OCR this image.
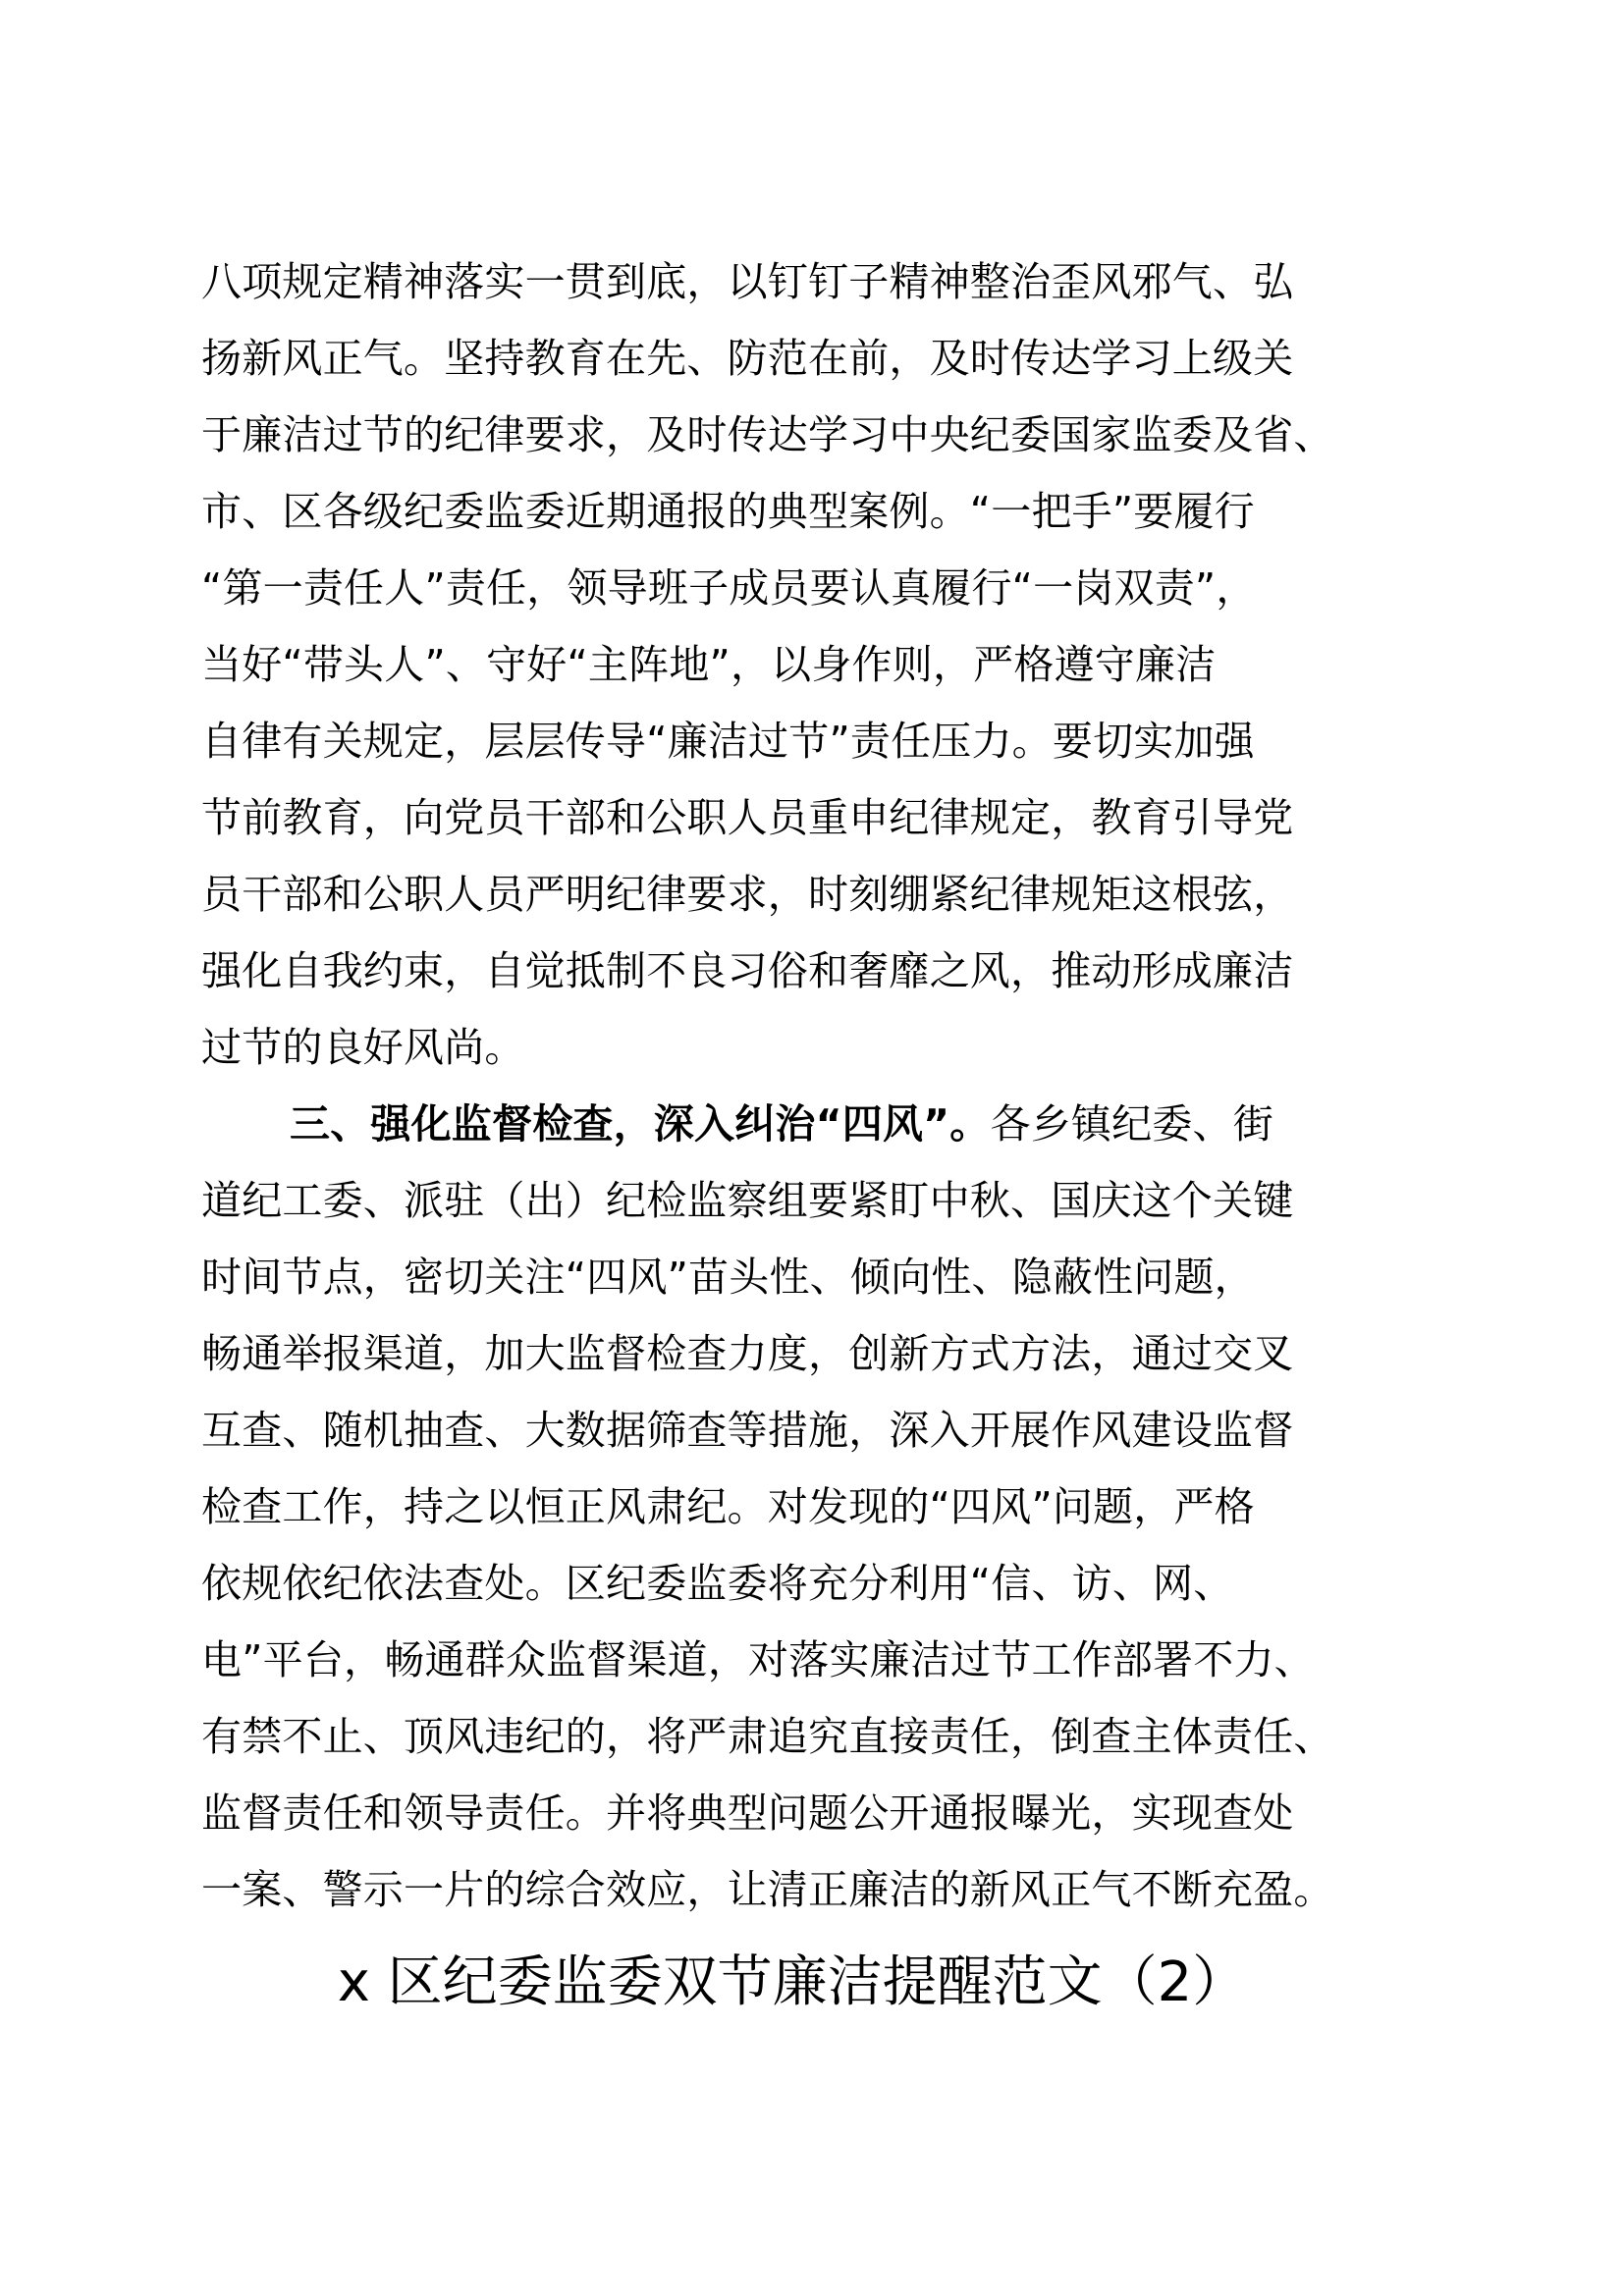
八项规定精神落实一贯到底，以钉钉子精神整治歪风邪气、弘
扬新风正气。坚持教育在先、防范在前，及时传达学习上级关
于廉洁过节的纪律要求，及时传达学习中央纪委国家监委及省、
市、区各级纪委监委近期通报的典型案例。“一把手”要履行
“第一责任人”责任，领导班子成员要认真履行“一岗双责”，
当好“带头人”、守好“主阵地”，以身作则，严格遵守廉洁
自律有关规定，层层传导“廉洁过节”责任压力。要切实加强
节前教育，向党员干部和公职人员重申纪律规定，教育引导党
员干部和公职人员严明纪律要求，时刻绷紧纪律规矩这根弦，
强化自我约束，自觉抵制不良习俗和奢靡之风，推动形成廉洁
过节的良好风尚。
三、强化监督检查，深入纠治“四风”。各乡镇纪委、街
道纪工委、派驻（出）纪检监察组要紧盯中秋、国庆这个关键
时间节点，密切关注“四风”苗头性、倾向性、隐蔽性问题，
畅通举报渠道，加大监督检查力度，创新方式方法，通过交叉
互查、随机抽查、大数据筛查等措施，深入开展作风建设监督
检查工作，持之以恒正风肃纪。对发现的“四风”问题，严格
依规依纪依法查处。区纪委监委将充分利用“信、访、网、
电”平台，畅通群众监督渠道，对落实廉洁过节工作部署不力、
有禁不止、顶风违纪的，将严肃追究直接责任，倒查主体责任、
监督责任和领导责任。并将典型问题公开通报曝光，实现查处
一案、警示一片的综合效应，让清正廉洁的新风正气不断充盈。
x 区纪委监委双节廉洁提醒范文（2）
